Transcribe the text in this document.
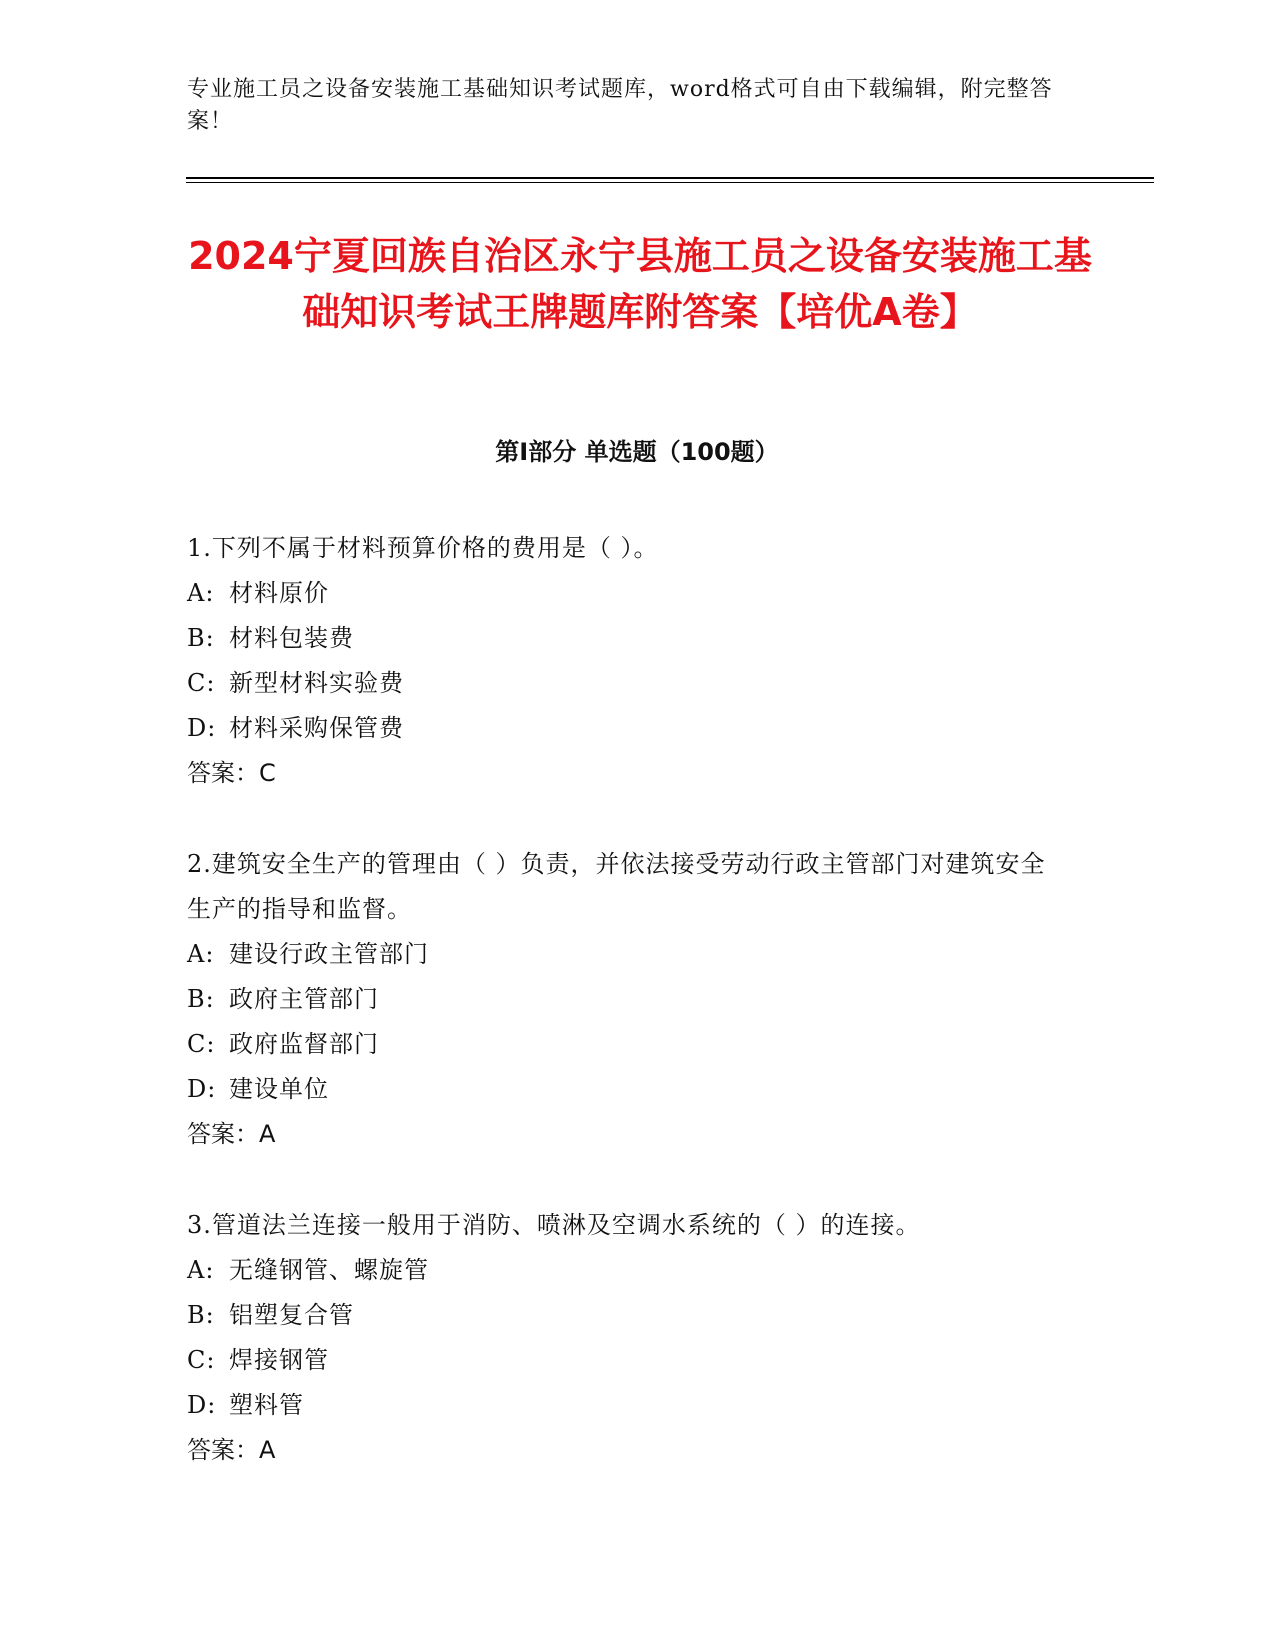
专业施工员之设备安装施工基础知识考试题库，word格式可自由下载编辑，附完整答案！
2024宁夏回族自治区永宁县施工员之设备安装施工基础知识考试王牌题库附答案【培优A卷】
第Ⅰ部分 单选题（100题）
1.下列不属于材料预算价格的费用是（ ）。
A: 材料原价
B: 材料包装费
C: 新型材料实验费
D: 材料采购保管费
答案：C
2.建筑安全生产的管理由（ ）负责，并依法接受劳动行政主管部门对建筑安全生产的指导和监督。
A: 建设行政主管部门
B: 政府主管部门
C: 政府监督部门
D: 建设单位
答案：A
3.管道法兰连接一般用于消防、喷淋及空调水系统的（ ）的连接。
A: 无缝钢管、螺旋管
B: 铝塑复合管
C: 焊接钢管
D: 塑料管
答案：A
